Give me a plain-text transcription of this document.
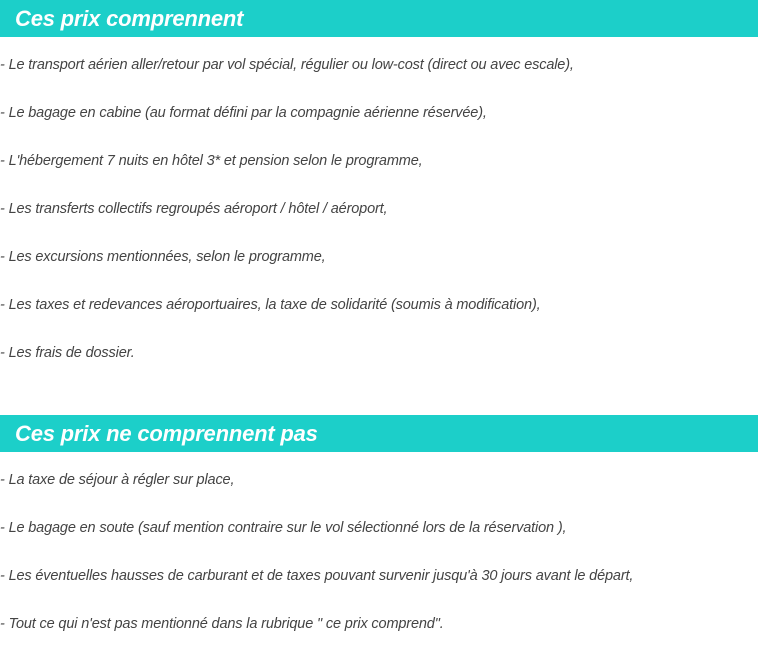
Ces prix comprennent
- Le transport aérien aller/retour par vol spécial, régulier ou low-cost (direct ou avec escale),
- Le bagage en cabine (au format défini par la compagnie aérienne réservée),
- L'hébergement 7 nuits en hôtel 3* et pension selon le programme,
- Les transferts collectifs regroupés aéroport / hôtel / aéroport,
- Les excursions mentionnées, selon le programme,
- Les taxes et redevances aéroportuaires, la taxe de solidarité (soumis à modification),
- Les frais de dossier.
Ces prix ne comprennent pas
- La taxe de séjour à régler sur place,
- Le bagage en soute (sauf mention contraire sur le vol sélectionné lors de la réservation ),
- Les éventuelles hausses de carburant et de taxes pouvant survenir jusqu'à 30 jours avant le départ,
- Tout ce qui n'est pas mentionné dans la rubrique " ce prix comprend".
